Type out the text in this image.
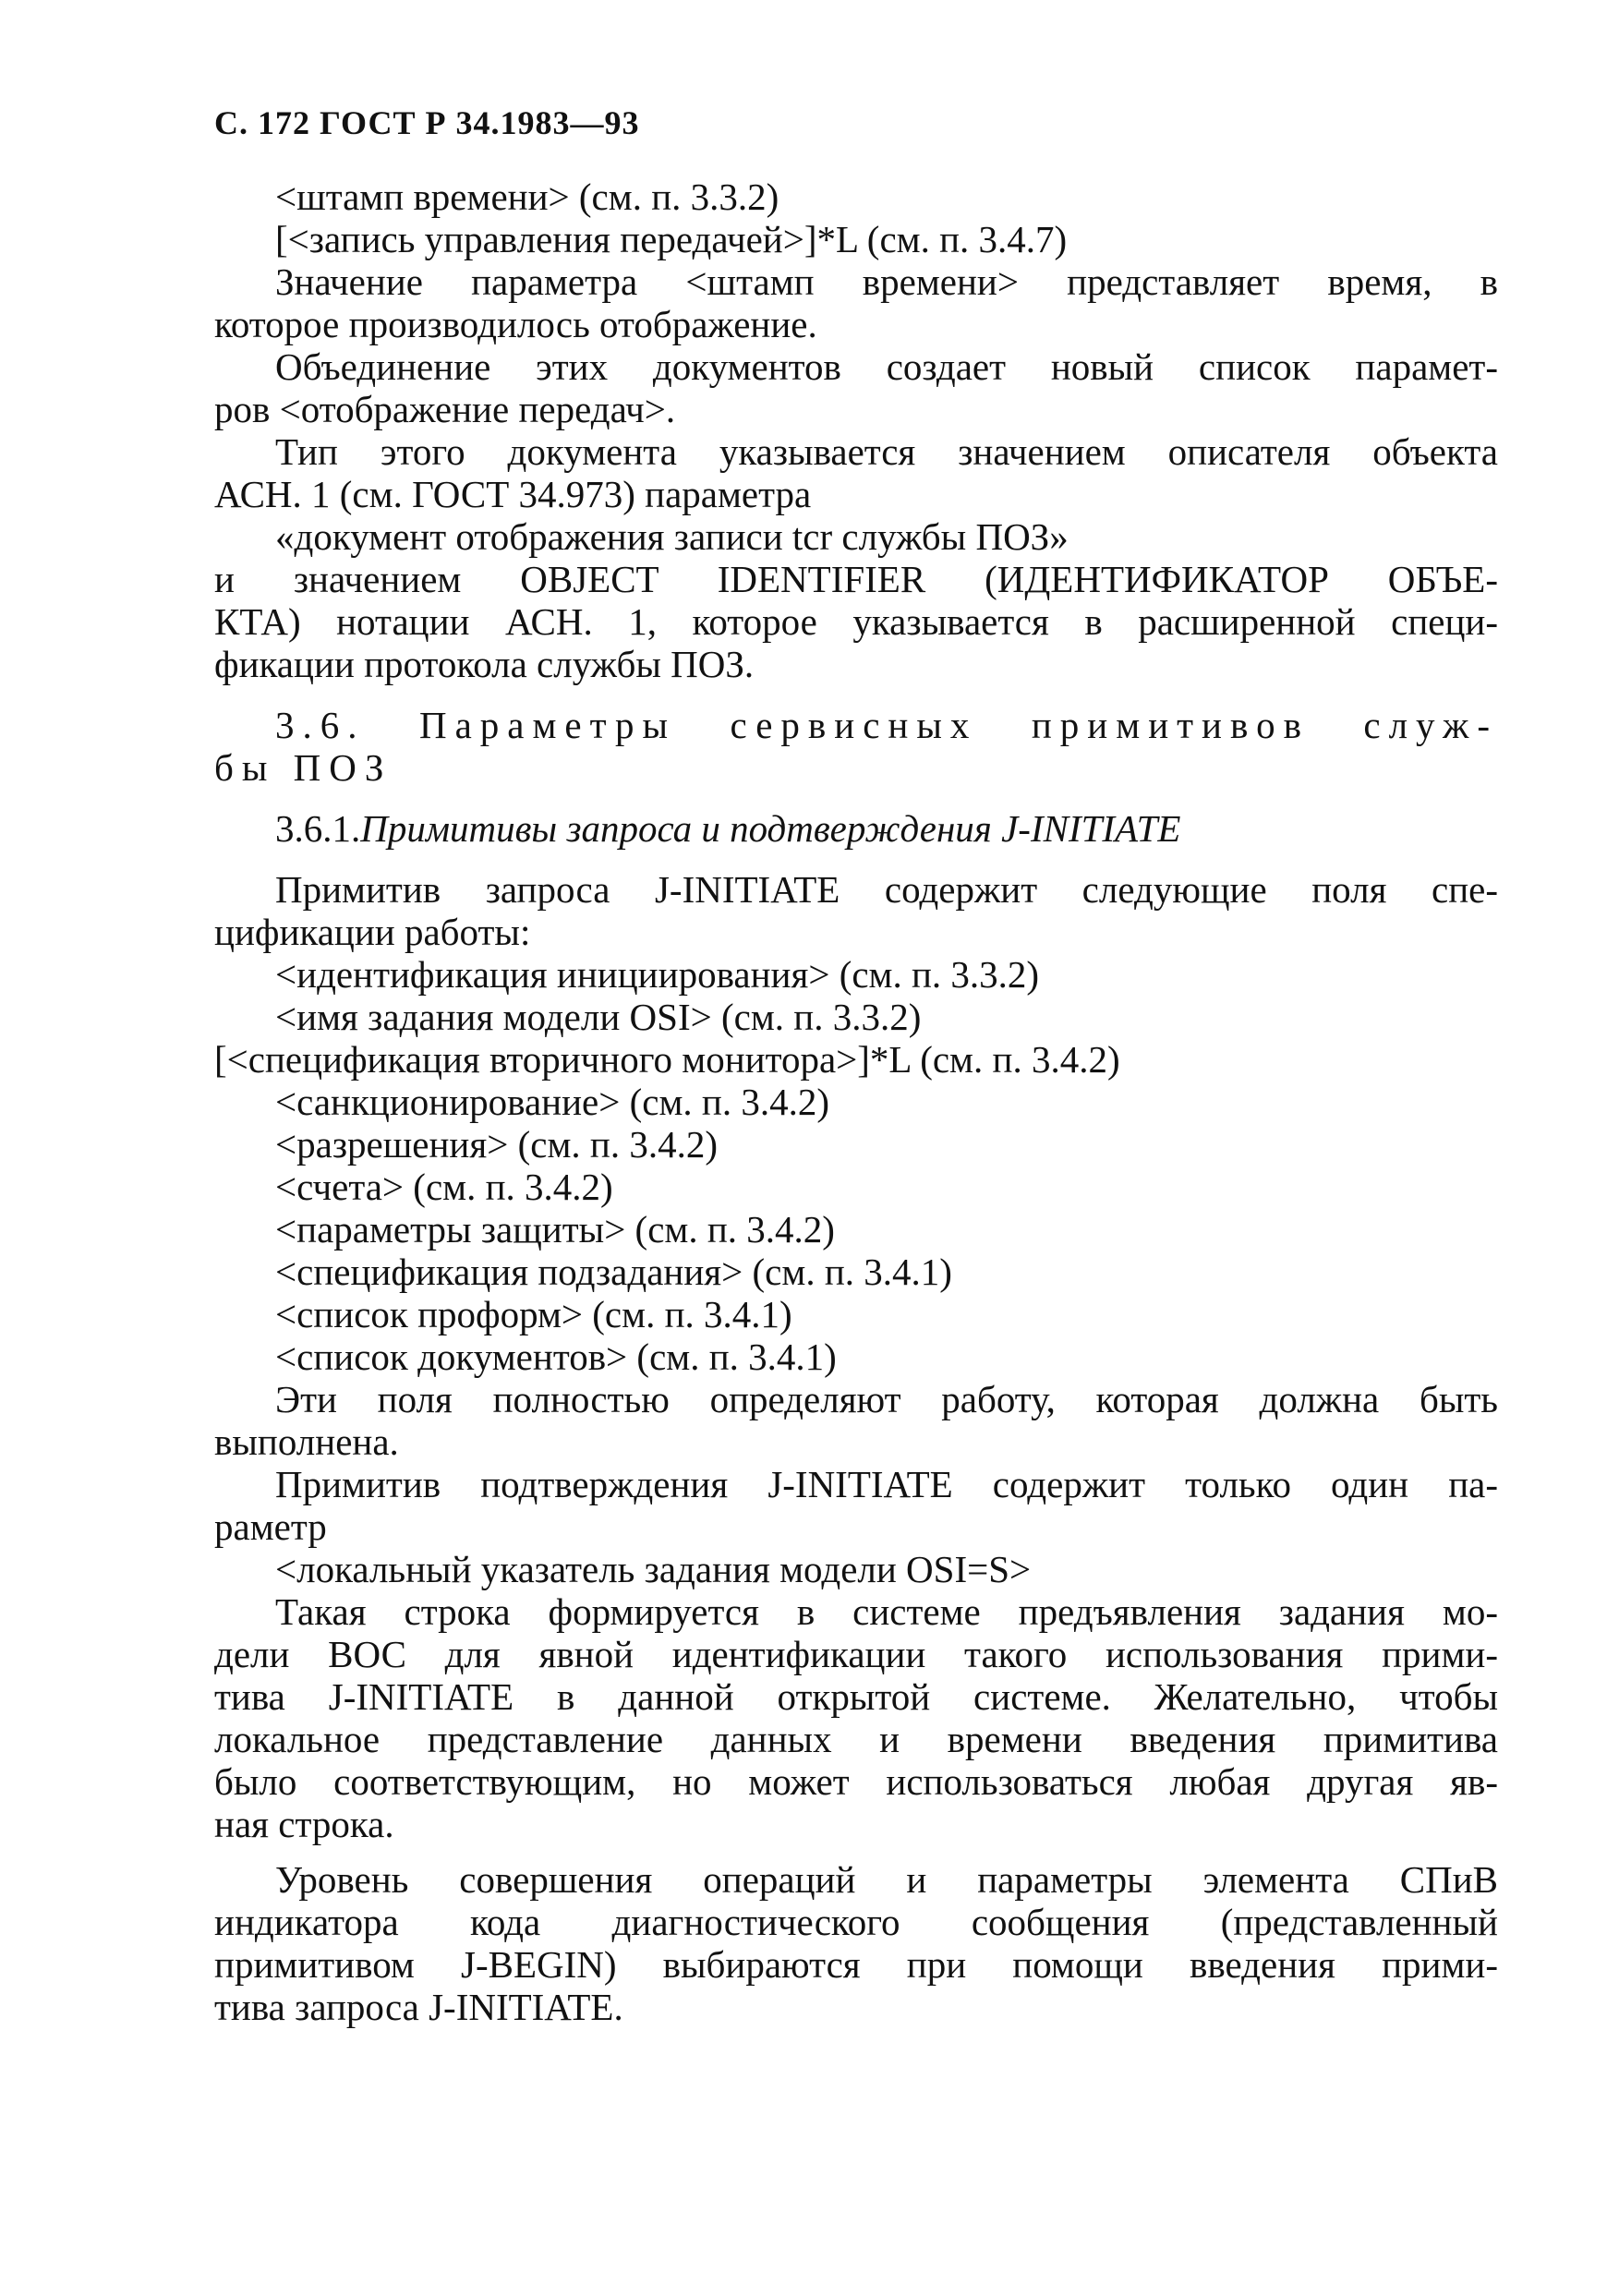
С. 172 ГОСТ Р 34.1983—93
<штамп времени> (см. п. 3.3.2)
[<запись управления передачей>]*L (см. п. 3.4.7)
Значение параметра <штамп времени> представляет время, в
которое производилось отображение.
Объединение этих документов создает новый список парамет-
ров <отображение передач>.
Тип этого документа указывается значением описателя объекта
АСН. 1 (см. ГОСТ 34.973) параметра
«документ отображения записи tcr службы ПОЗ»
и значением OBJECT IDENTIFIER (ИДЕНТИФИКАТОР ОБЪЕ-
КТА) нотации АСН. 1, которое указывается в расширенной специ-
фикации протокола службы ПОЗ.
3.6. Параметры сервисных примитивов служ-
бы ПОЗ
3.6.1.Примитивы запроса и подтверждения J-INITIATE
Примитив запроса J-INITIATE содержит следующие поля спе-
цификации работы:
<идентификация инициирования> (см. п. 3.3.2)
<имя задания модели OSI> (см. п. 3.3.2)
[<спецификация вторичного монитора>]*L (см. п. 3.4.2)
<санкционирование> (см. п. 3.4.2)
<разрешения> (см. п. 3.4.2)
<счета> (см. п. 3.4.2)
<параметры защиты> (см. п. 3.4.2)
<спецификация подзадания> (см. п. 3.4.1)
<список проформ> (см. п. 3.4.1)
<список документов> (см. п. 3.4.1)
Эти поля полностью определяют работу, которая должна быть
выполнена.
Примитив подтверждения J-INITIATE содержит только один па-
раметр
<локальный указатель задания модели OSI=S>
Такая строка формируется в системе предъявления задания мо-
дели ВОС для явной идентификации такого использования прими-
тива J-INITIATE в данной открытой системе. Желательно, чтобы
локальное представление данных и времени введения примитива
было соответствующим, но может использоваться любая другая яв-
ная строка.
Уровень совершения операций и параметры элемента СПиВ
индикатора кода диагностического сообщения (представленный
примитивом J-BEGIN) выбираются при помощи введения прими-
тива запроса J-INITIATE.
